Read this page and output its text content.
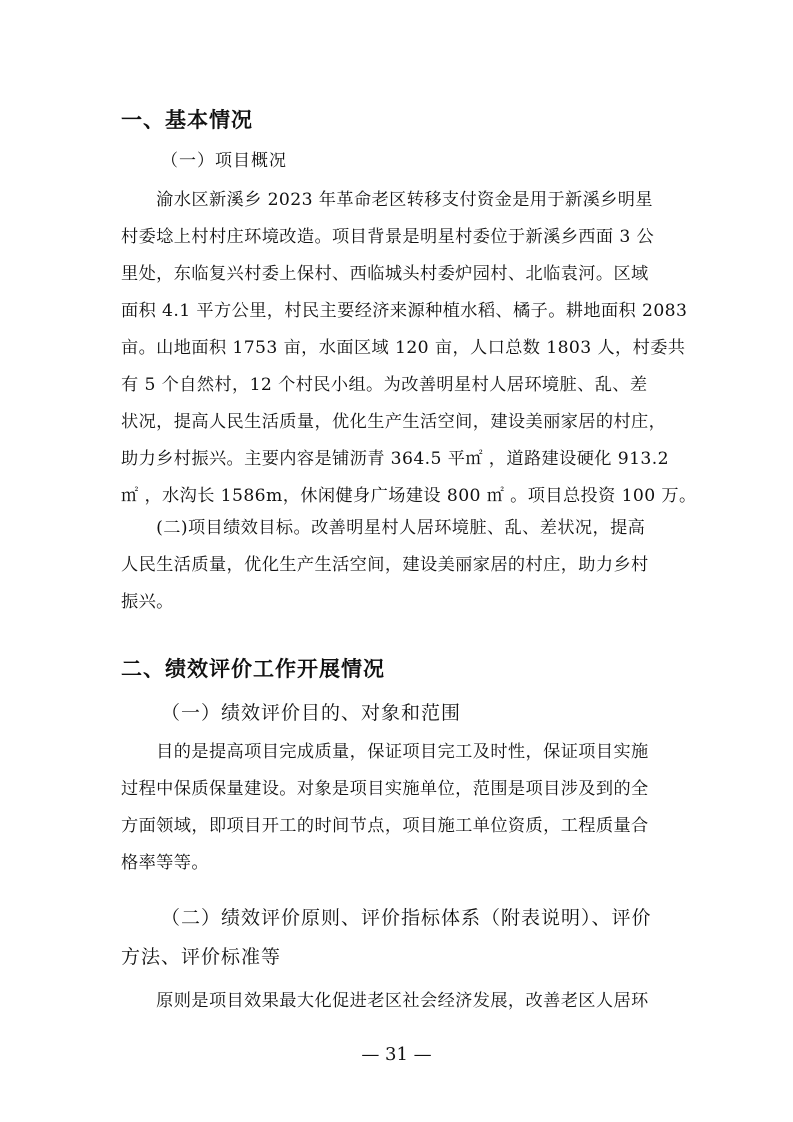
一、基本情况
（一）项目概况
　　渝水区新溪乡 2023 年革命老区转移支付资金是用于新溪乡明星
村委埝上村村庄环境改造。项目背景是明星村委位于新溪乡西面 3 公
里处，东临复兴村委上保村、西临城头村委炉园村、北临袁河。区域
面积 4.1 平方公里，村民主要经济来源种植水稻、橘子。耕地面积 2083
亩。山地面积 1753 亩，水面区域 120 亩，人口总数 1803 人，村委共
有 5 个自然村，12 个村民小组。为改善明星村人居环境脏、乱、差
状况，提高人民生活质量，优化生产生活空间，建设美丽家居的村庄，
助力乡村振兴。主要内容是铺沥青 364.5 平㎡ ，道路建设硬化 913.2
㎡ ，水沟长 1586m，休闲健身广场建设 800 ㎡ 。项目总投资 100 万。
　　(二)项目绩效目标。改善明星村人居环境脏、乱、差状况，提高
人民生活质量，优化生产生活空间，建设美丽家居的村庄，助力乡村
振兴。
二、绩效评价工作开展情况
（一）绩效评价目的、对象和范围
　　目的是提高项目完成质量，保证项目完工及时性，保证项目实施
过程中保质保量建设。对象是项目实施单位，范围是项目涉及到的全
方面领域，即项目开工的时间节点，项目施工单位资质，工程质量合
格率等等。
（二）绩效评价原则、评价指标体系（附表说明）、评价
方法、评价标准等
　　原则是项目效果最大化促进老区社会经济发展，改善老区人居环
— 31 —
